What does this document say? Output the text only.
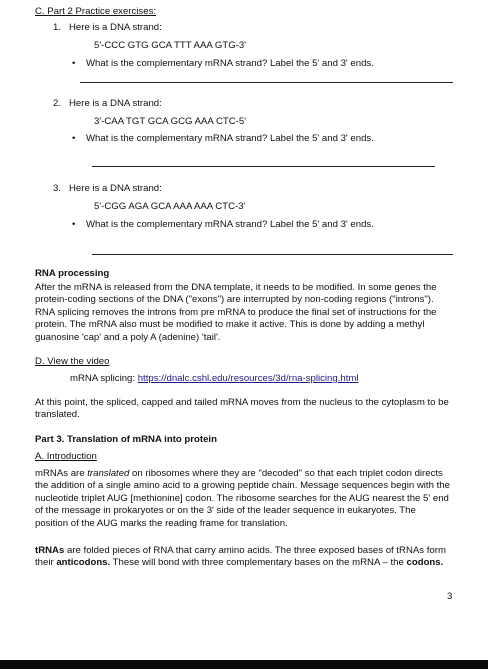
C. Part 2 Practice exercises:
1. Here is a DNA strand:
5'-CCC GTG GCA TTT AAA GTG-3'
• What is the complementary mRNA strand? Label the 5' and 3' ends.
2. Here is a DNA strand:
3'-CAA TGT GCA GCG AAA CTC-5'
• What is the complementary mRNA strand? Label the 5' and 3' ends.
3. Here is a DNA strand:
5'-CGG AGA GCA AAA AAA CTC-3'
• What is the complementary mRNA strand? Label the 5' and 3' ends.
RNA processing
After the mRNA is released from the DNA template, it needs to be modified. In some genes the protein-coding sections of the DNA ("exons") are interrupted by non-coding regions ("introns"). RNA splicing removes the introns from pre mRNA to produce the final set of instructions for the protein. The mRNA also must be modified to make it active. This is done by adding a methyl guanosine 'cap' and a poly A (adenine) 'tail'.
D. View the video
mRNA splicing: https://dnalc.cshl.edu/resources/3d/rna-splicing.html
At this point, the spliced, capped and tailed mRNA moves from the nucleus to the cytoplasm to be translated.
Part 3. Translation of mRNA into protein
A. Introduction
mRNAs are translated on ribosomes where they are "decoded" so that each triplet codon directs the addition of a single amino acid to a growing peptide chain. Message sequences begin with the nucleotide triplet AUG [methionine] codon. The ribosome searches for the AUG nearest the 5' end of the message in prokaryotes or on the 3' side of the leader sequence in eukaryotes. The position of the AUG marks the reading frame for translation.
tRNAs are folded pieces of RNA that carry amino acids. The three exposed bases of tRNAs form their anticodons. These will bond with three complementary bases on the mRNA – the codons.
3
